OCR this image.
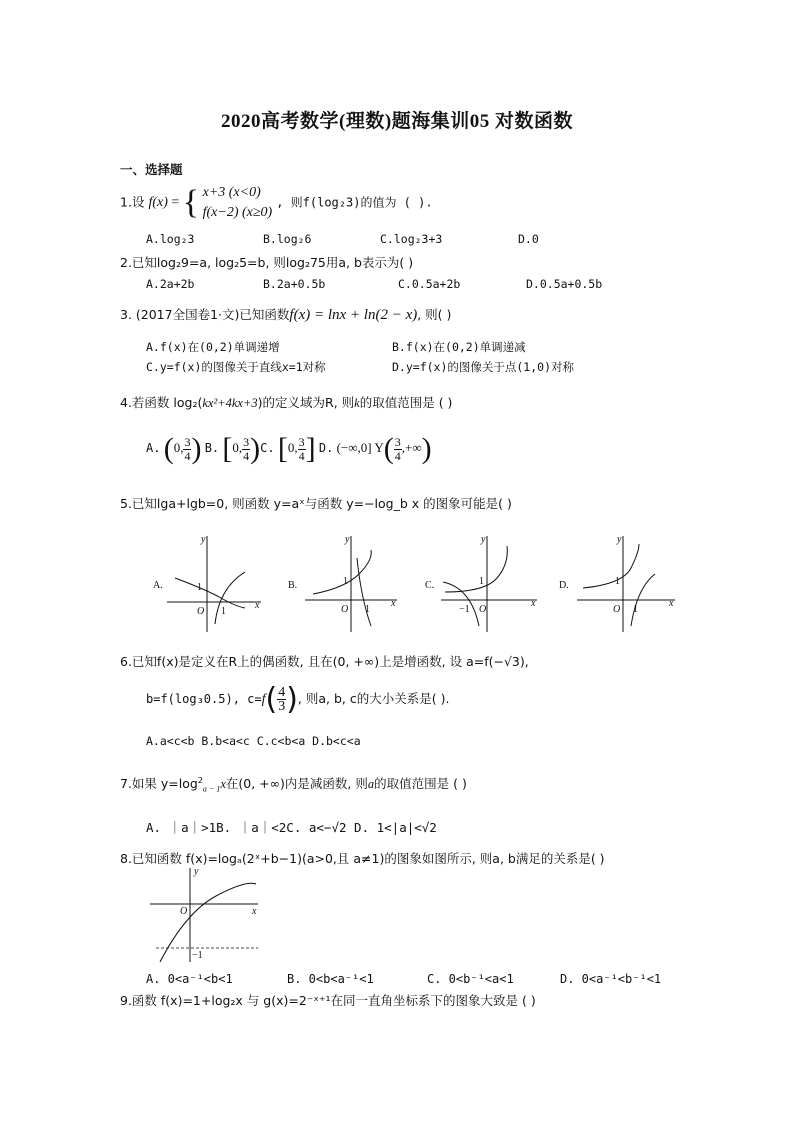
2020高考数学(理数)题海集训05 对数函数
一、选择题
1.设 f(x) = { x+3 (x<0)
f(x−2) (x≥0)
, 则f(log₂3)的值为 ( ).
A.log₂3	B.log₂6	C.log₂3+3	D.0
2.已知log₂9=a, log₂5=b, 则log₂75用a, b表示为( )
A.2a+2b	B.2a+0.5b	C.0.5a+2b	D.0.5a+0.5b
3. (2017全国卷1·文)已知函数f(x) = lnx + ln(2 − x), 则( )
A.f(x)在(0,2)单调递增	B.f(x)在(0,2)单调递减
C.y=f(x)的图像关于直线x=1对称	D.y=f(x)的图像关于点(1,0)对称
4.若函数 log₂(kx²+4kx+3)的定义域为R, 则k的取值范围是 ( )
A. (0, $\frac{3}{4}$ ) B. [0, $\frac{3}{4} )C$. [0, $\frac{3}{4}$ ] D. (−∞,0] $Y( \frac{3}{4}$ ,+∞)
5.已知lga+lgb=0, 则函数 y=aˣ与函数 y=−log_b x 的图象可能是( )
A.
y
x
O
1
1
B.
y
x
O
1
1
C.
y
x
O
1
−1
D.
y
x
O
1
1
6.已知f(x)是定义在R上的偶函数, 且在(0, +∞)上是增函数, 设 a=f(−√3),
b=f(log₃0.5), $c=f( \frac{4}{3}$ ), 则a, b, c的大小关系是( ).
A.a<c<b B.b<a<c C.c<b<a D.b<c<a
7.如果 $y=\log^2_{a - 1}x$在(0, +∞)内是减函数, 则a的取值范围是 ( )
A. ｜a｜>1B. ｜a｜<2C. a<−√2 D. 1<|a|<√2
8.已知函数 f(x)=logₐ(2ˣ+b−1)(a>0,且 a≠1)的图象如图所示, 则a, b满足的关系是( )
y
x
O
−1
A. 0<a⁻¹<b<1	B. 0<b<a⁻¹<1	C. 0<b⁻¹<a<1	D. 0<a⁻¹<b⁻¹<1
9.函数 f(x)=1+log₂x 与 g(x)=2⁻ˣ⁺¹在同一直角坐标系下的图象大致是 ( )
